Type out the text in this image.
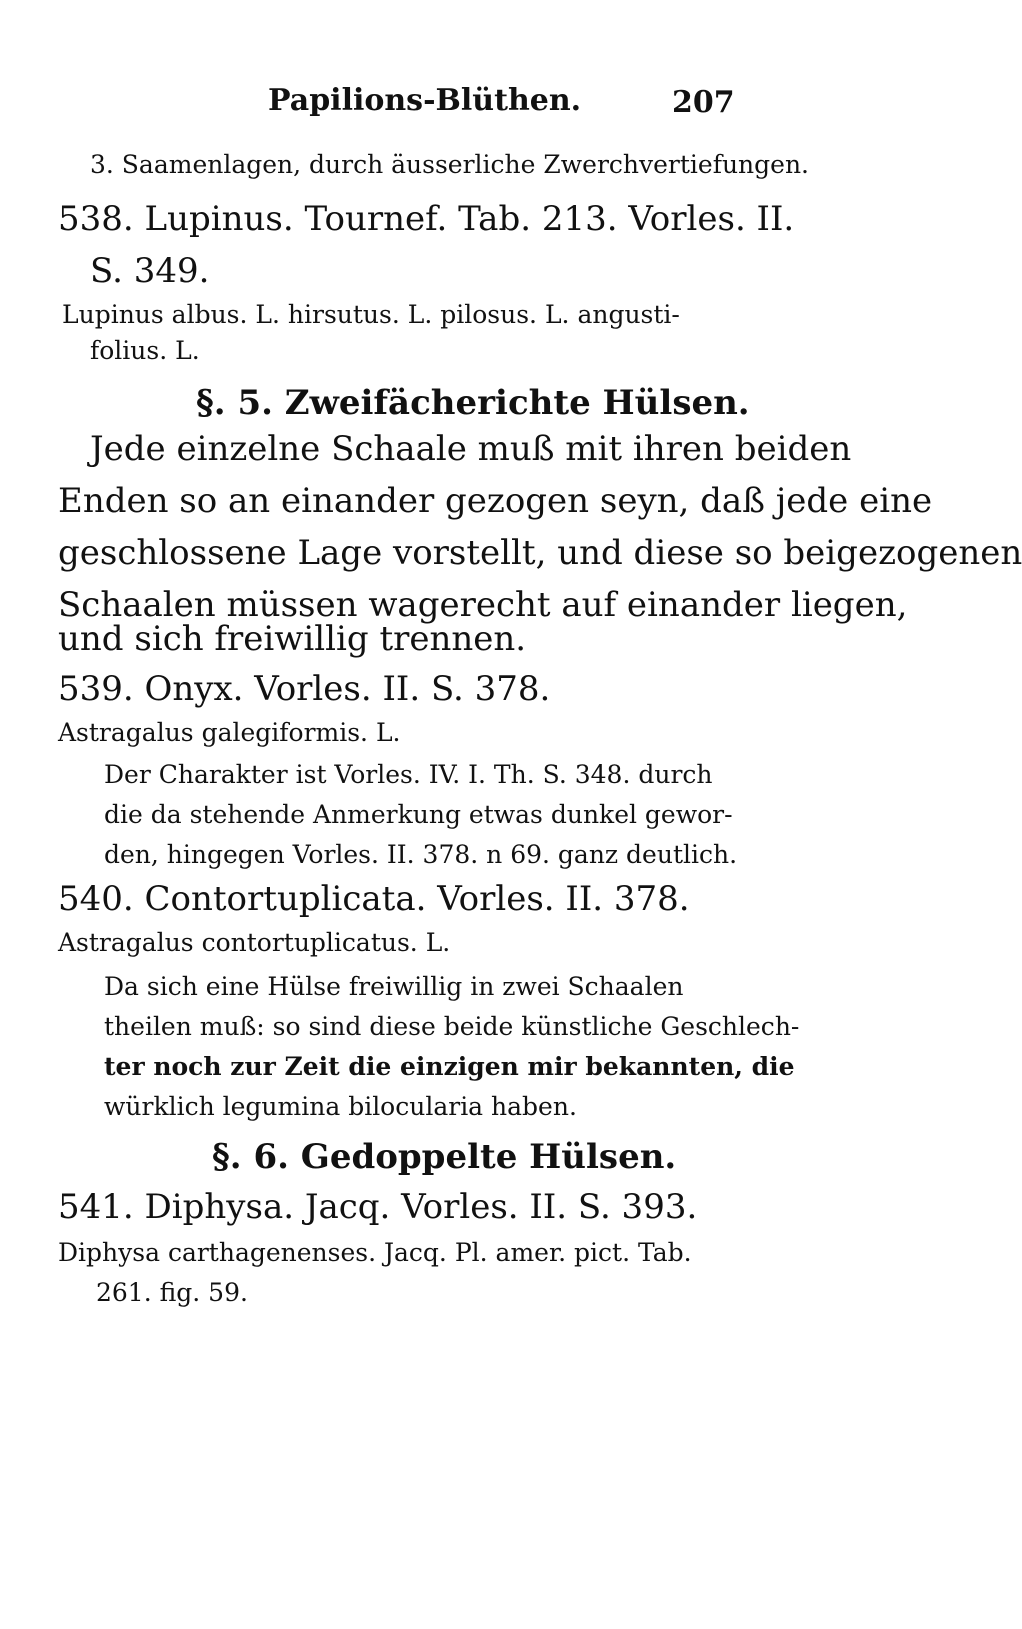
Papilions-Blüthen.	207
3. Saamenlagen, durch äusserliche Zwerchvertiefungen.
538. Lupinus. Tournef. Tab. 213. Vorles. II.
S. 349.
Lupinus albus. L. hirsutus. L. pilosus. L. angusti-
folius. L.
§. 5. Zweifächerichte Hülsen.
Jede einzelne Schaale muß mit ihren beiden
Enden so an einander gezogen seyn, daß jede eine
geschlossene Lage vorstellt, und diese so beigezogenen
Schaalen müssen wagerecht auf einander liegen,
und sich freiwillig trennen.
539. Onyx. Vorles. II. S. 378.
Astragalus galegiformis. L.
Der Charakter ist Vorles. IV. I. Th. S. 348. durch
die da stehende Anmerkung etwas dunkel gewor-
den, hingegen Vorles. II. 378. n 69. ganz deutlich.
540. Contortuplicata. Vorles. II. 378.
Astragalus contortuplicatus. L.
Da sich eine Hülse freiwillig in zwei Schaalen
theilen muß: so sind diese beide künstliche Geschlech-
ter noch zur Zeit die einzigen mir bekannten, die
würklich legumina bilocularia haben.
§. 6. Gedoppelte Hülsen.
541. Diphysa. Jacq. Vorles. II. S. 393.
Diphysa carthagenenses. Jacq. Pl. amer. pict. Tab.
261. fig. 59.
